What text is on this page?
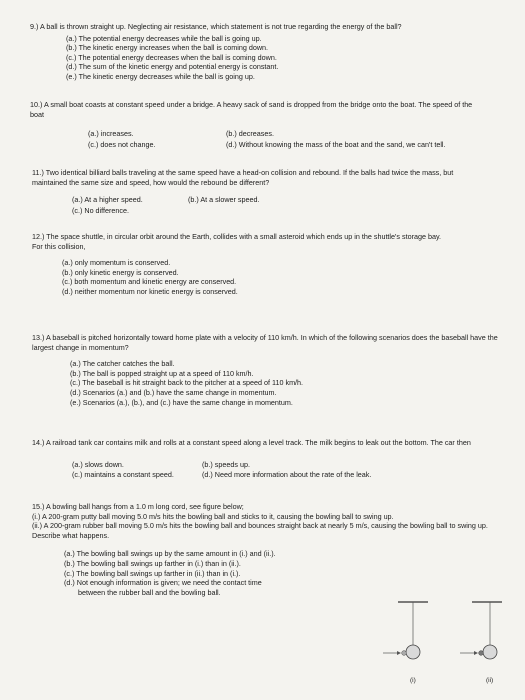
9.) A ball is thrown straight up. Neglecting air resistance, which statement is not true regarding the energy of the ball?

(a.) The potential energy decreases while the ball is going up.
(b.) The kinetic energy increases when the ball is coming down.
(c.) The potential energy decreases when the ball is coming down.
(d.) The sum of the kinetic energy and potential energy is constant.
(e.) The kinetic energy decreases while the ball is going up.

10.) A small boat coasts at constant speed under a bridge. A heavy sack of sand is dropped from the bridge onto the boat. The speed of the boat

(a.) increases.	(b.) decreases.
(c.) does not change.	(d.) Without knowing the mass of the boat and the sand, we can't tell.

11.) Two identical billiard balls traveling at the same speed have a head-on collision and rebound. If the balls had twice the mass, but maintained the same size and speed, how would the rebound be different?

(a.) At a higher speed.	(b.) At a slower speed.
(c.) No difference.

12.) The space shuttle, in circular orbit around the Earth, collides with a small asteroid which ends up in the shuttle's storage bay. For this collision,

(a.) only momentum is conserved.
(b.) only kinetic energy is conserved.
(c.) both momentum and kinetic energy are conserved.
(d.) neither momentum nor kinetic energy is conserved.

13.) A baseball is pitched horizontally toward home plate with a velocity of 110 km/h. In which of the following scenarios does the baseball have the largest change in momentum?

(a.) The catcher catches the ball.
(b.) The ball is popped straight up at a speed of 110 km/h.
(c.) The baseball is hit straight back to the pitcher at a speed of 110 km/h.
(d.) Scenarios (a.) and (b.) have the same change in momentum.
(e.) Scenarios (a.), (b.), and (c.) have the same change in momentum.

14.) A railroad tank car contains milk and rolls at a constant speed along a level track. The milk begins to leak out the bottom. The car then

(a.) slows down.	(b.) speeds up.
(c.) maintains a constant speed.	(d.) Need more information about the rate of the leak.

15.) A bowling ball hangs from a 1.0 m long cord, see figure below;

(i.) A 200-gram putty ball moving 5.0 m/s hits the bowling ball and sticks to it, causing the bowling ball to swing up.

(ii.) A 200-gram rubber ball moving 5.0 m/s hits the bowling ball and bounces straight back at nearly 5 m/s, causing the bowling ball to swing up.

Describe what happens.

(a.) The bowling ball swings up by the same amount in (i.) and (ii.).
(b.) The bowling ball swings up farther in (i.) than in (ii.).
(c.) The bowling ball swings up farther in (ii.) than in (i.).
(d.) Not enough information is given; we need the contact time
between the rubber ball and the bowling ball.
(i)	(ii)
